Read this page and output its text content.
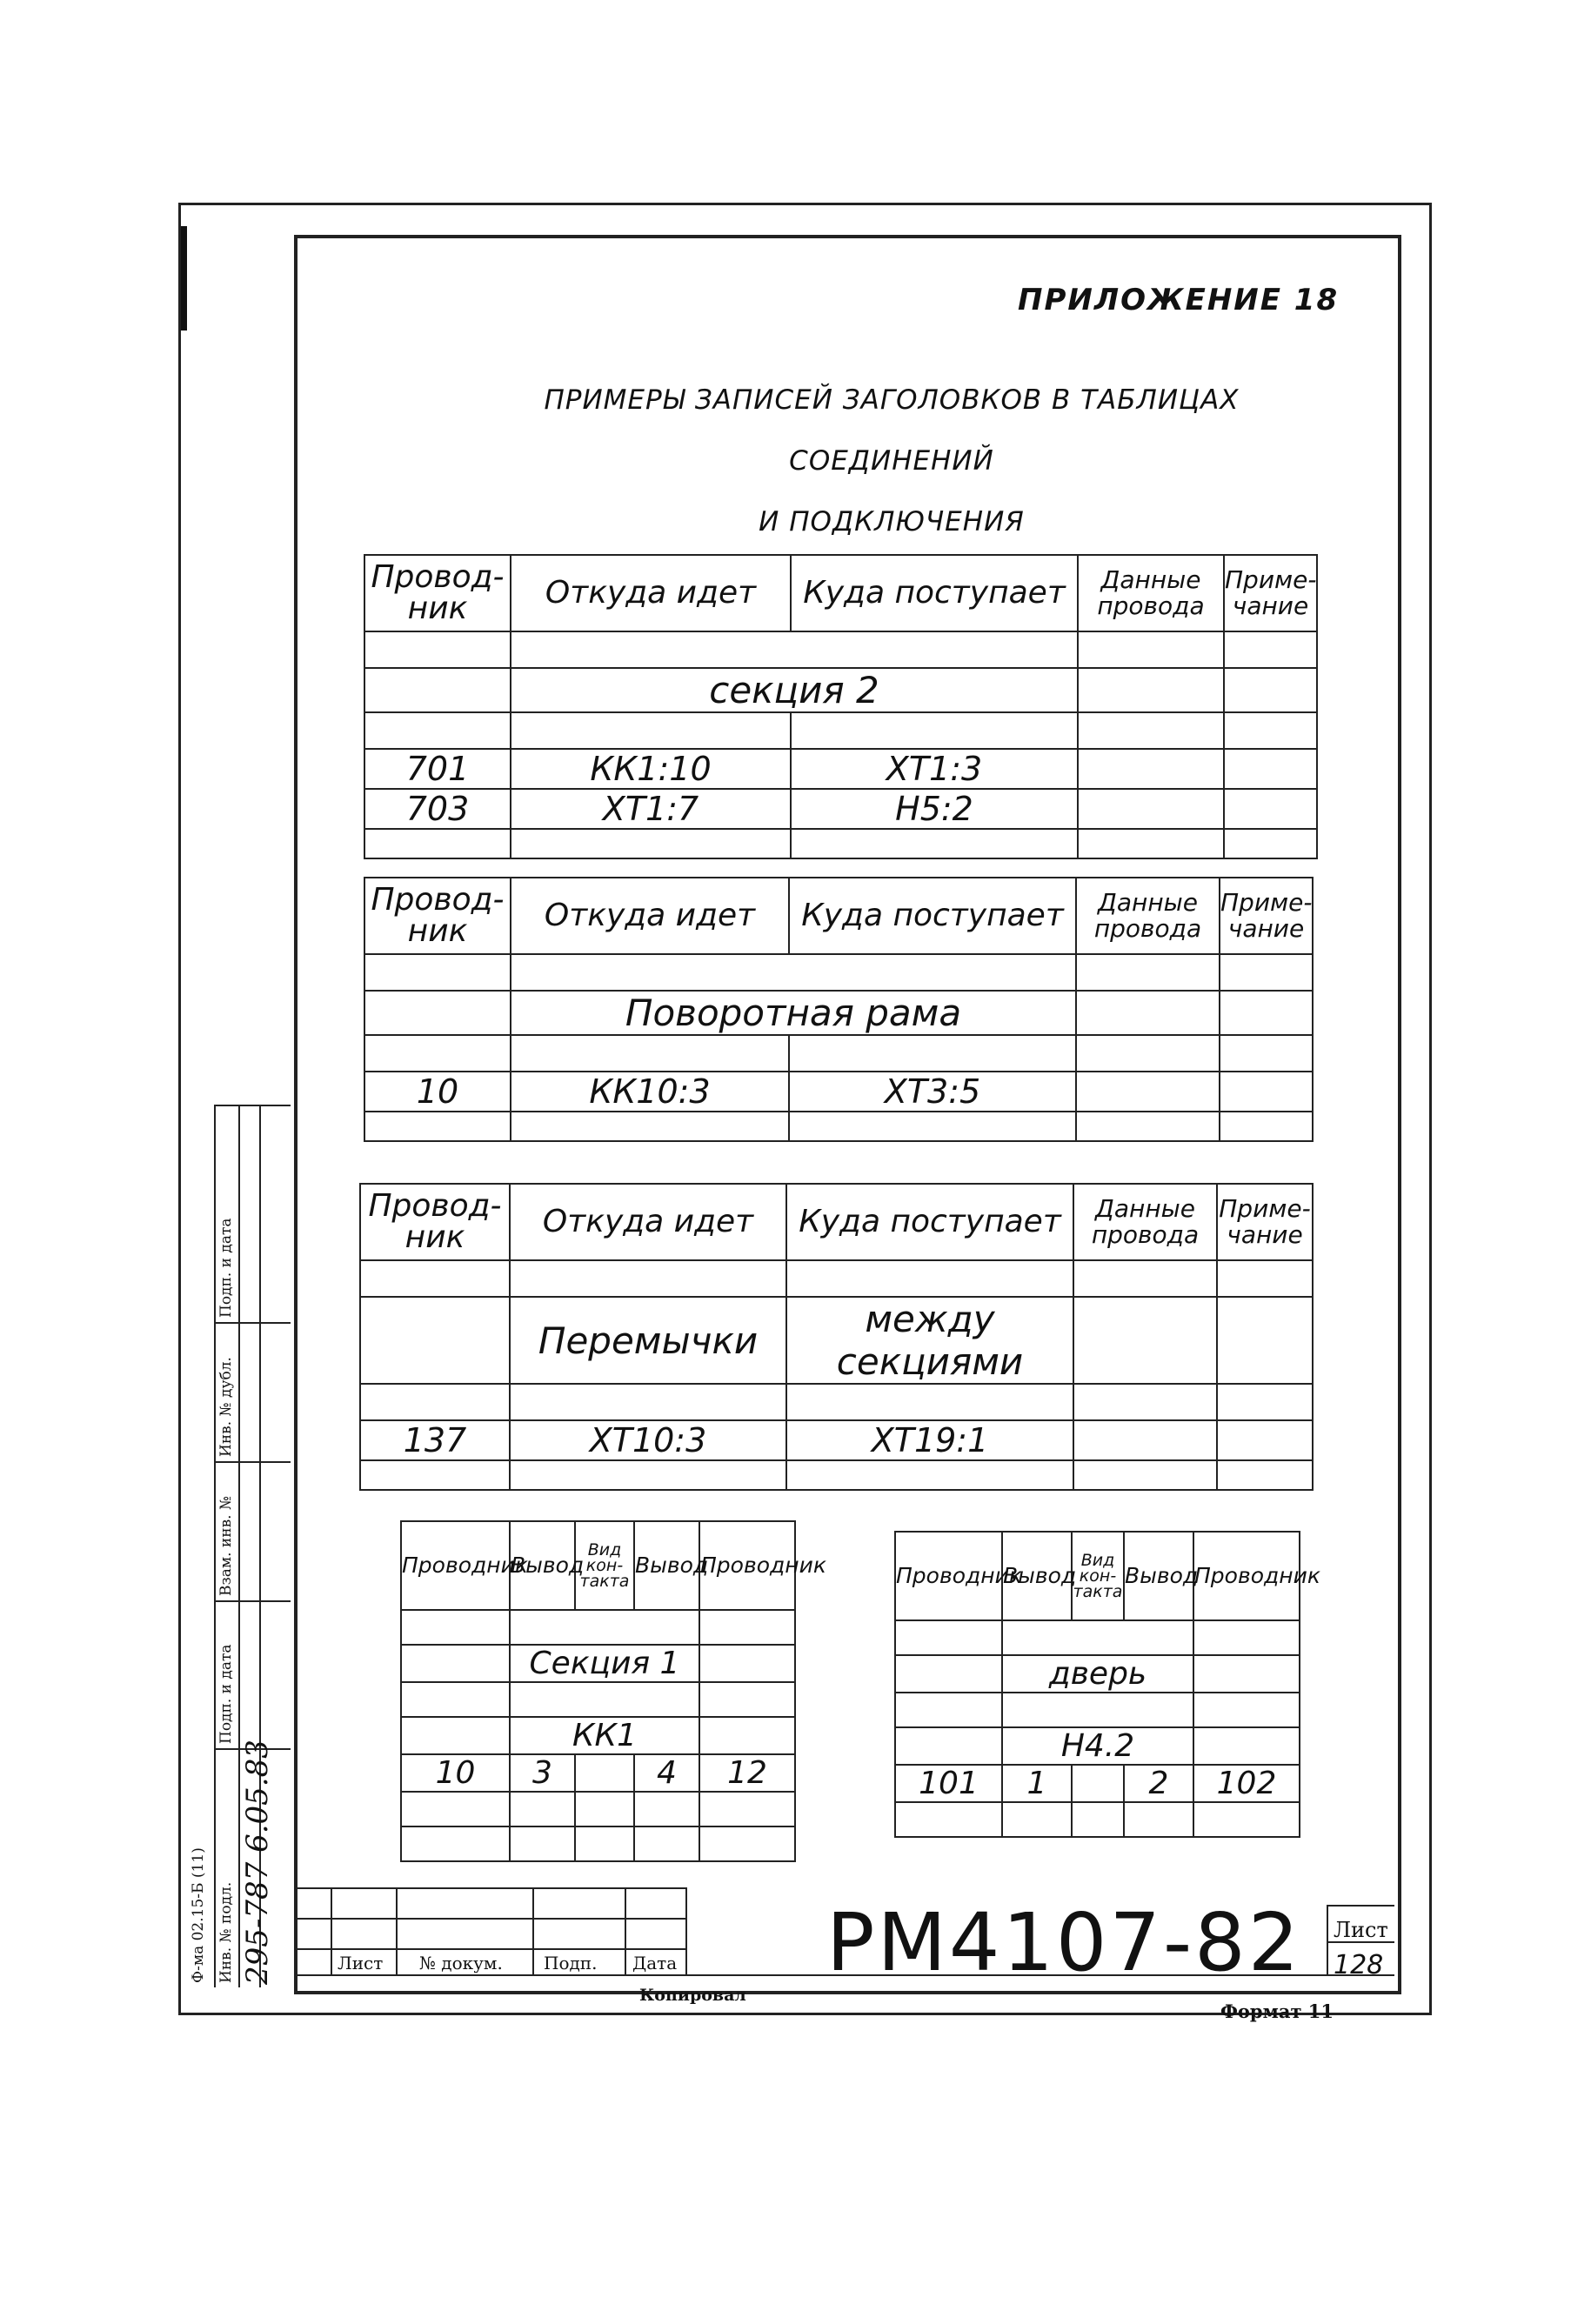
ПРИЛОЖЕНИЕ 18
ПРИМЕРЫ ЗАПИСЕЙ ЗАГОЛОВКОВ В ТАБЛИЦАХ СОЕДИНЕНИЙ
И ПОДКЛЮЧЕНИЯ
Провод-ник	Откуда идет	Куда поступает	Данные провода	Приме-чание

	секция 2			

701	КК1:10	ХТ1:3		
703	ХТ1:7	Н5:2		

Провод-ник	Откуда идет	Куда поступает	Данные провода	Приме-чание

	Поворотная рама			

10	КК10:3	ХТ3:5		

Провод-ник	Откуда идет	Куда поступает	Данные провода	Приме-чание

	Перемычки	между секциями		

137	ХТ10:3	ХТ19:1		

Проводник	Вывод	Вид кон-такта	Вывод	Проводник

	Секция 1			

	КК1			
10	3		4	12

Проводник	Вывод	Вид кон-такта	Вывод	Проводник

	дверь			

	Н4.2			
101	1		2	102

Лист № докум. Подп. Дата РМ4107-82 Лист
128
Копировал
Формат 11
Инв. № подл.
Подп. и дата
Взам. инв. №
Инв. № дубл.
Подп. и дата
295-787 6.05.83
Ф-ма 02.15-Б (11)
